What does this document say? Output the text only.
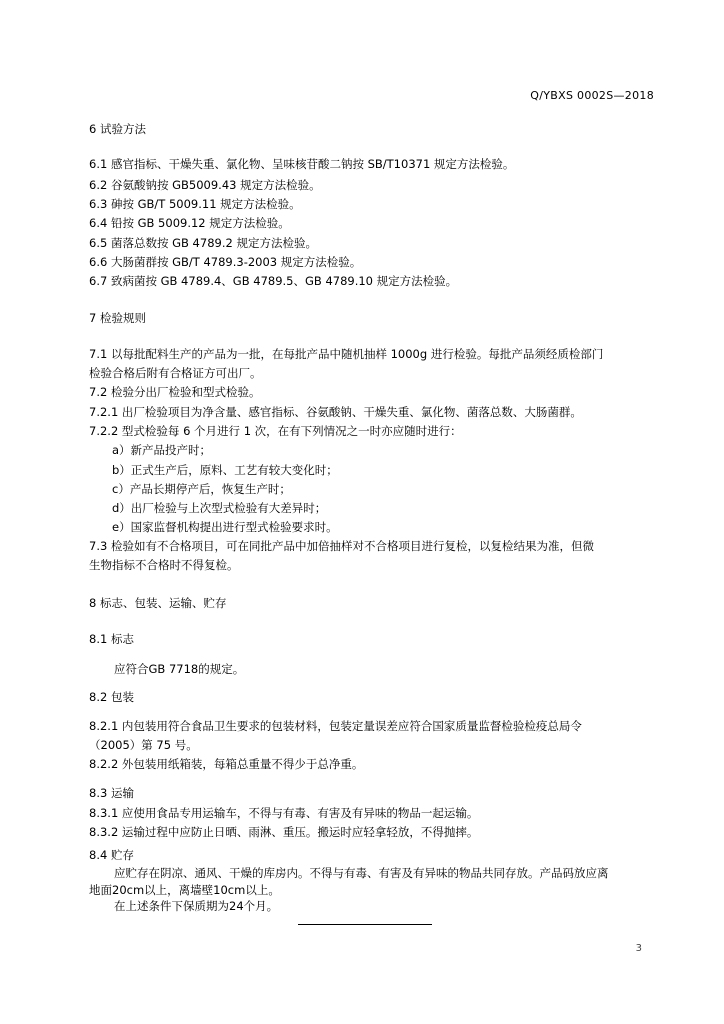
Q/YBXS 0002S—2018
6 试验方法
6.1 感官指标、干燥失重、氯化物、呈味核苷酸二钠按 SB/T10371 规定方法检验。
6.2 谷氨酸钠按 GB5009.43 规定方法检验。
6.3 砷按 GB/T 5009.11 规定方法检验。
6.4 铅按 GB 5009.12 规定方法检验。
6.5 菌落总数按 GB 4789.2 规定方法检验。
6.6 大肠菌群按 GB/T 4789.3-2003 规定方法检验。
6.7 致病菌按 GB 4789.4、GB 4789.5、GB 4789.10 规定方法检验。
7 检验规则
7.1 以每批配料生产的产品为一批，在每批产品中随机抽样 1000g 进行检验。每批产品须经质检部门
检验合格后附有合格证方可出厂。
7.2 检验分出厂检验和型式检验。
7.2.1 出厂检验项目为净含量、感官指标、谷氨酸钠、干燥失重、氯化物、菌落总数、大肠菌群。
7.2.2 型式检验每 6 个月进行 1 次，在有下列情况之一时亦应随时进行：
a）新产品投产时；
b）正式生产后，原料、工艺有较大变化时；
c）产品长期停产后，恢复生产时；
d）出厂检验与上次型式检验有大差异时；
e）国家监督机构提出进行型式检验要求时。
7.3 检验如有不合格项目，可在同批产品中加倍抽样对不合格项目进行复检，以复检结果为准，但微
生物指标不合格时不得复检。
8 标志、包装、运输、贮存
8.1 标志
应符合GB 7718的规定。
8.2 包装
8.2.1 内包装用符合食品卫生要求的包装材料，包装定量误差应符合国家质量监督检验检疫总局令
（2005）第 75 号。
8.2.2 外包装用纸箱装，每箱总重量不得少于总净重。
8.3 运输
8.3.1 应使用食品专用运输车，不得与有毒、有害及有异味的物品一起运输。
8.3.2 运输过程中应防止日晒、雨淋、重压。搬运时应轻拿轻放，不得抛摔。
8.4 贮存
应贮存在阴凉、通风、干燥的库房内。不得与有毒、有害及有异味的物品共同存放。产品码放应离
地面20cm以上，离墙壁10cm以上。
在上述条件下保质期为24个月。
3
